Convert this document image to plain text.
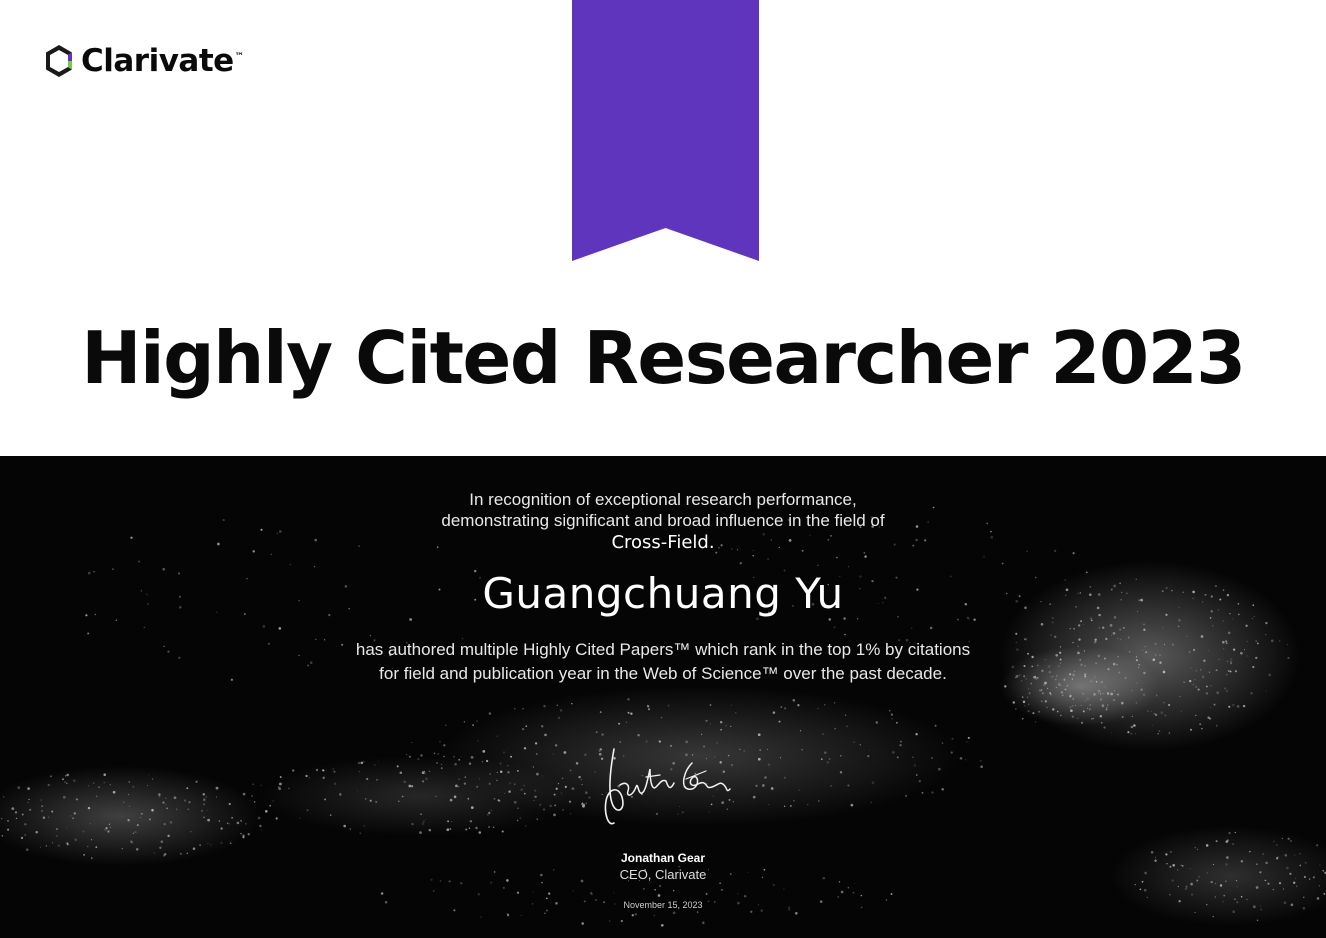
Clarivate ™
Highly Cited Researcher 2023
In recognition of exceptional research performance,
demonstrating significant and broad influence in the field of
Cross-Field.
Guangchuang Yu
has authored multiple Highly Cited Papers™ which rank in the top 1% by citations
for field and publication year in the Web of Science™ over the past decade.
Jonathan Gear
CEO, Clarivate
November 15, 2023
